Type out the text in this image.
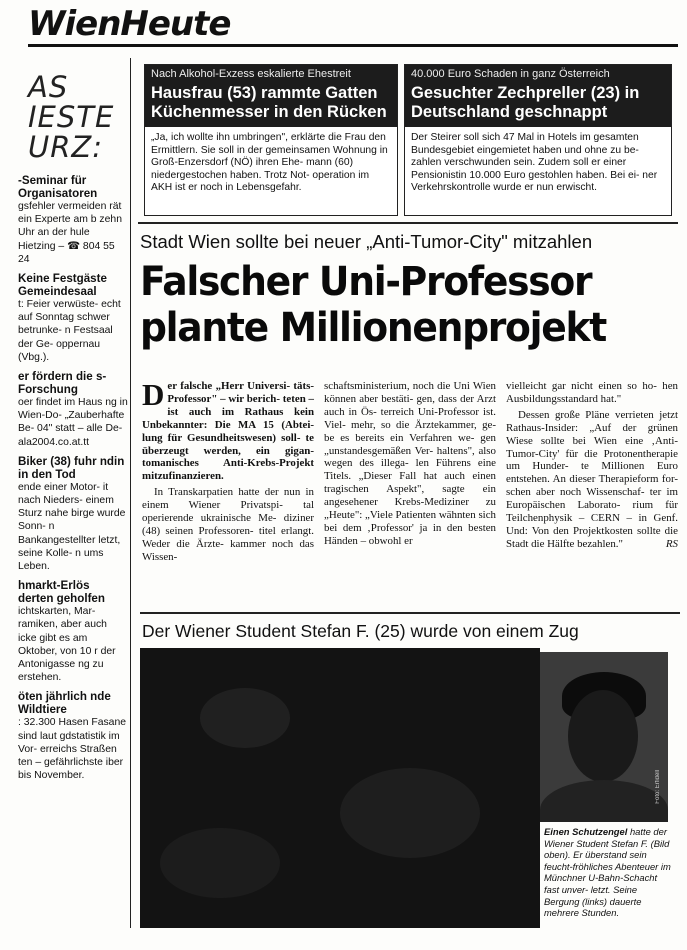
WienHeute
AS
IESTE
URZ:
-Seminar für Organisatoren
gsfehler vermeiden rät ein Experte am b zehn Uhr an der hule Hietzing – ☎ 804 55 24
Keine Festgäste Gemeindesaal
t: Feier verwüste- echt auf Sonntag schwer betrunke- n Festsaal der Ge- oppernau (Vbg.).
er fördern die s-Forschung
oer findet im Haus ng in Wien-Do- „Zauberhafte Be- 04" statt – alle De- ala2004.co.at.tt
Biker (38) fuhr ndin in den Tod
ende einer Motor- it nach Nieders- einem Sturz nahe birge wurde Sonn- n Bankangestellter letzt, seine Kolle- n ums Leben.
hmarkt-Erlös derten geholfen
ichtskarten, Mar- ramiken, aber auch icke gibt es am Oktober, von 10 r der Antonigasse ng zu erstehen.
öten jährlich nde Wildtiere
: 32.300 Hasen Fasane sind laut gdstatistik im Vor- erreichs Straßen ten – gefährlichste iber bis November.
Nach Alkohol-Exzess eskalierte Ehestreit
Hausfrau (53) rammte Gatten Küchenmesser in den Rücken
„Ja, ich wollte ihn umbringen", erklärte die Frau den Ermittlern. Sie soll in der gemeinsamen Wohnung in Groß-Enzersdorf (NÖ) ihren Ehe- mann (60) niedergestochen haben. Trotz Not- operation im AKH ist er noch in Lebensgefahr.
40.000 Euro Schaden in ganz Österreich
Gesuchter Zechpreller (23) in Deutschland geschnappt
Der Steirer soll sich 47 Mal in Hotels im gesamten Bundesgebiet eingemietet haben und ohne zu be- zahlen verschwunden sein. Zudem soll er einer Pensionistin 10.000 Euro gestohlen haben. Bei ei- ner Verkehrskontrolle wurde er nun erwischt.
Stadt Wien sollte bei neuer „Anti-Tumor-City" mitzahlen
Falscher Uni-Professor
plante Millionenprojekt

Der falsche „Herr Universi- täts-Professor" – wir berich- teten – ist auch im Rathaus kein Unbekannter: Die MA 15 (Abtei- lung für Gesundheitswesen) soll- te überzeugt werden, ein gigan- tomanisches Anti-Krebs-Projekt mitzufinanzieren.

In Transkarpatien hatte der nun in einem Wiener Privatspi- tal operierende ukrainische Me- diziner (48) seinen Professoren- titel erlangt. Weder die Ärzte- kammer noch das Wissen-

schaftsministerium, noch die Uni Wien können aber bestäti- gen, dass der Arzt auch in Ös- terreich Uni-Professor ist. Viel- mehr, so die Ärztekammer, ge- be es bereits ein Verfahren we- gen „unstandesgemäßen Ver- haltens", also wegen des illega- len Führens eine Titels. „Dieser Fall hat auch einen tragischen Aspekt", sagte ein angesehener Krebs-Mediziner zu „Heute": „Viele Patienten wähnten sich bei dem ‚Professor' ja in den besten Händen – obwohl er

vielleicht gar nicht einen so ho- hen Ausbildungsstandard hat."

Dessen große Pläne verrieten jetzt Rathaus-Insider: „Auf der grünen Wiese sollte bei Wien eine ‚Anti-Tumor-City' für die Protonentherapie um Hunder- te Millionen Euro entstehen. An dieser Therapieform for- schen aber noch Wissenschaf- ter im Europäischen Laborato- rium für Teilchenphysik – CERN – in Genf. Und: Von den Projektkosten sollte die Stadt die Hälfte bezahlen."	RS

Der Wiener Student Stefan F. (25) wurde von einem Zug
Foto: Erfidell
Einen Schutzengel hatte der Wiener Student Stefan F. (Bild oben). Er überstand sein feucht-fröhliches Abenteuer im Münchner U-Bahn-Schacht fast unver- letzt. Seine Bergung (links) dauerte mehrere Stunden.
